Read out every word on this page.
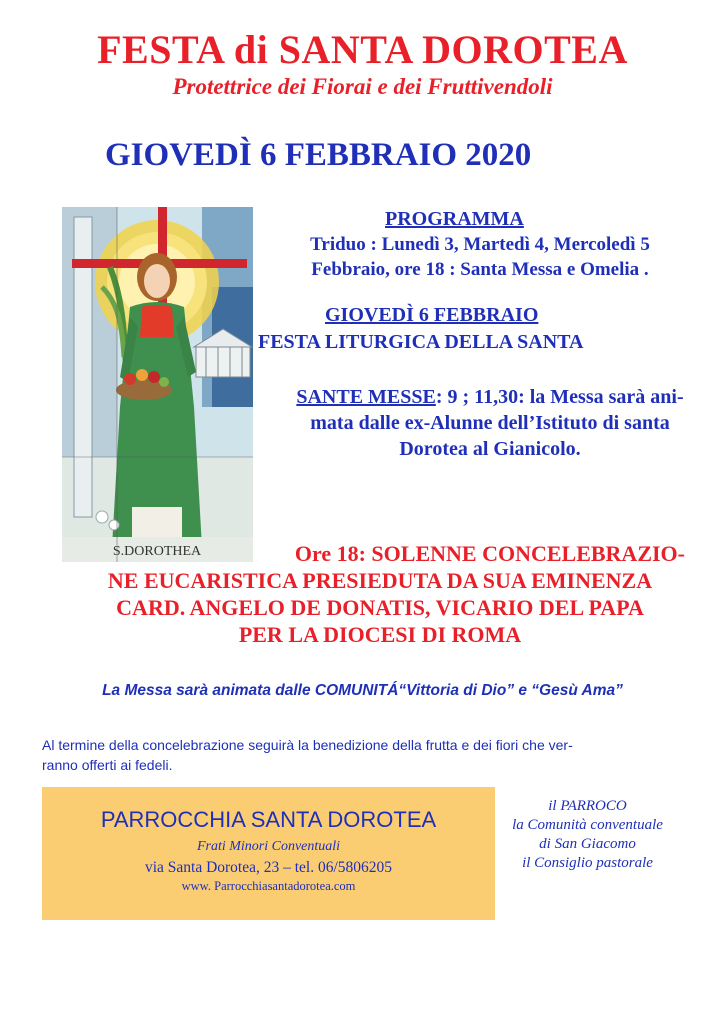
FESTA di SANTA DOROTEA
Protettrice dei Fiorai e dei Fruttivendoli
GIOVEDÌ 6 FEBBRAIO 2020
S.DOROTHEA
PROGRAMMA
Triduo : Lunedì 3, Martedì 4, Mercoledì 5
Febbraio, ore 18 : Santa Messa e Omelia .
GIOVEDÌ 6 FEBBRAIO
FESTA LITURGICA DELLA SANTA
SANTE MESSE: 9 ; 11,30: la Messa sarà ani-
mata dalle ex-Alunne dell’Istituto di santa
Dorotea al Gianicolo.
Ore 18: SOLENNE CONCELEBRAZIO-
NE EUCARISTICA PRESIEDUTA DA SUA EMINENZA
CARD. ANGELO DE DONATIS, VICARIO DEL PAPA
PER LA DIOCESI DI ROMA
La Messa sarà animata dalle COMUNITÁ“Vittoria di Dio” e “Gesù Ama”
Al termine della concelebrazione seguirà la benedizione della frutta e dei fiori che ver-
ranno offerti ai fedeli.
PARROCCHIA SANTA DOROTEA
Frati Minori Conventuali
via Santa Dorotea, 23 – tel. 06/5806205
www. Parrocchiasantadorotea.com
il PARROCO
la Comunità conventuale
di San Giacomo
il Consiglio pastorale
